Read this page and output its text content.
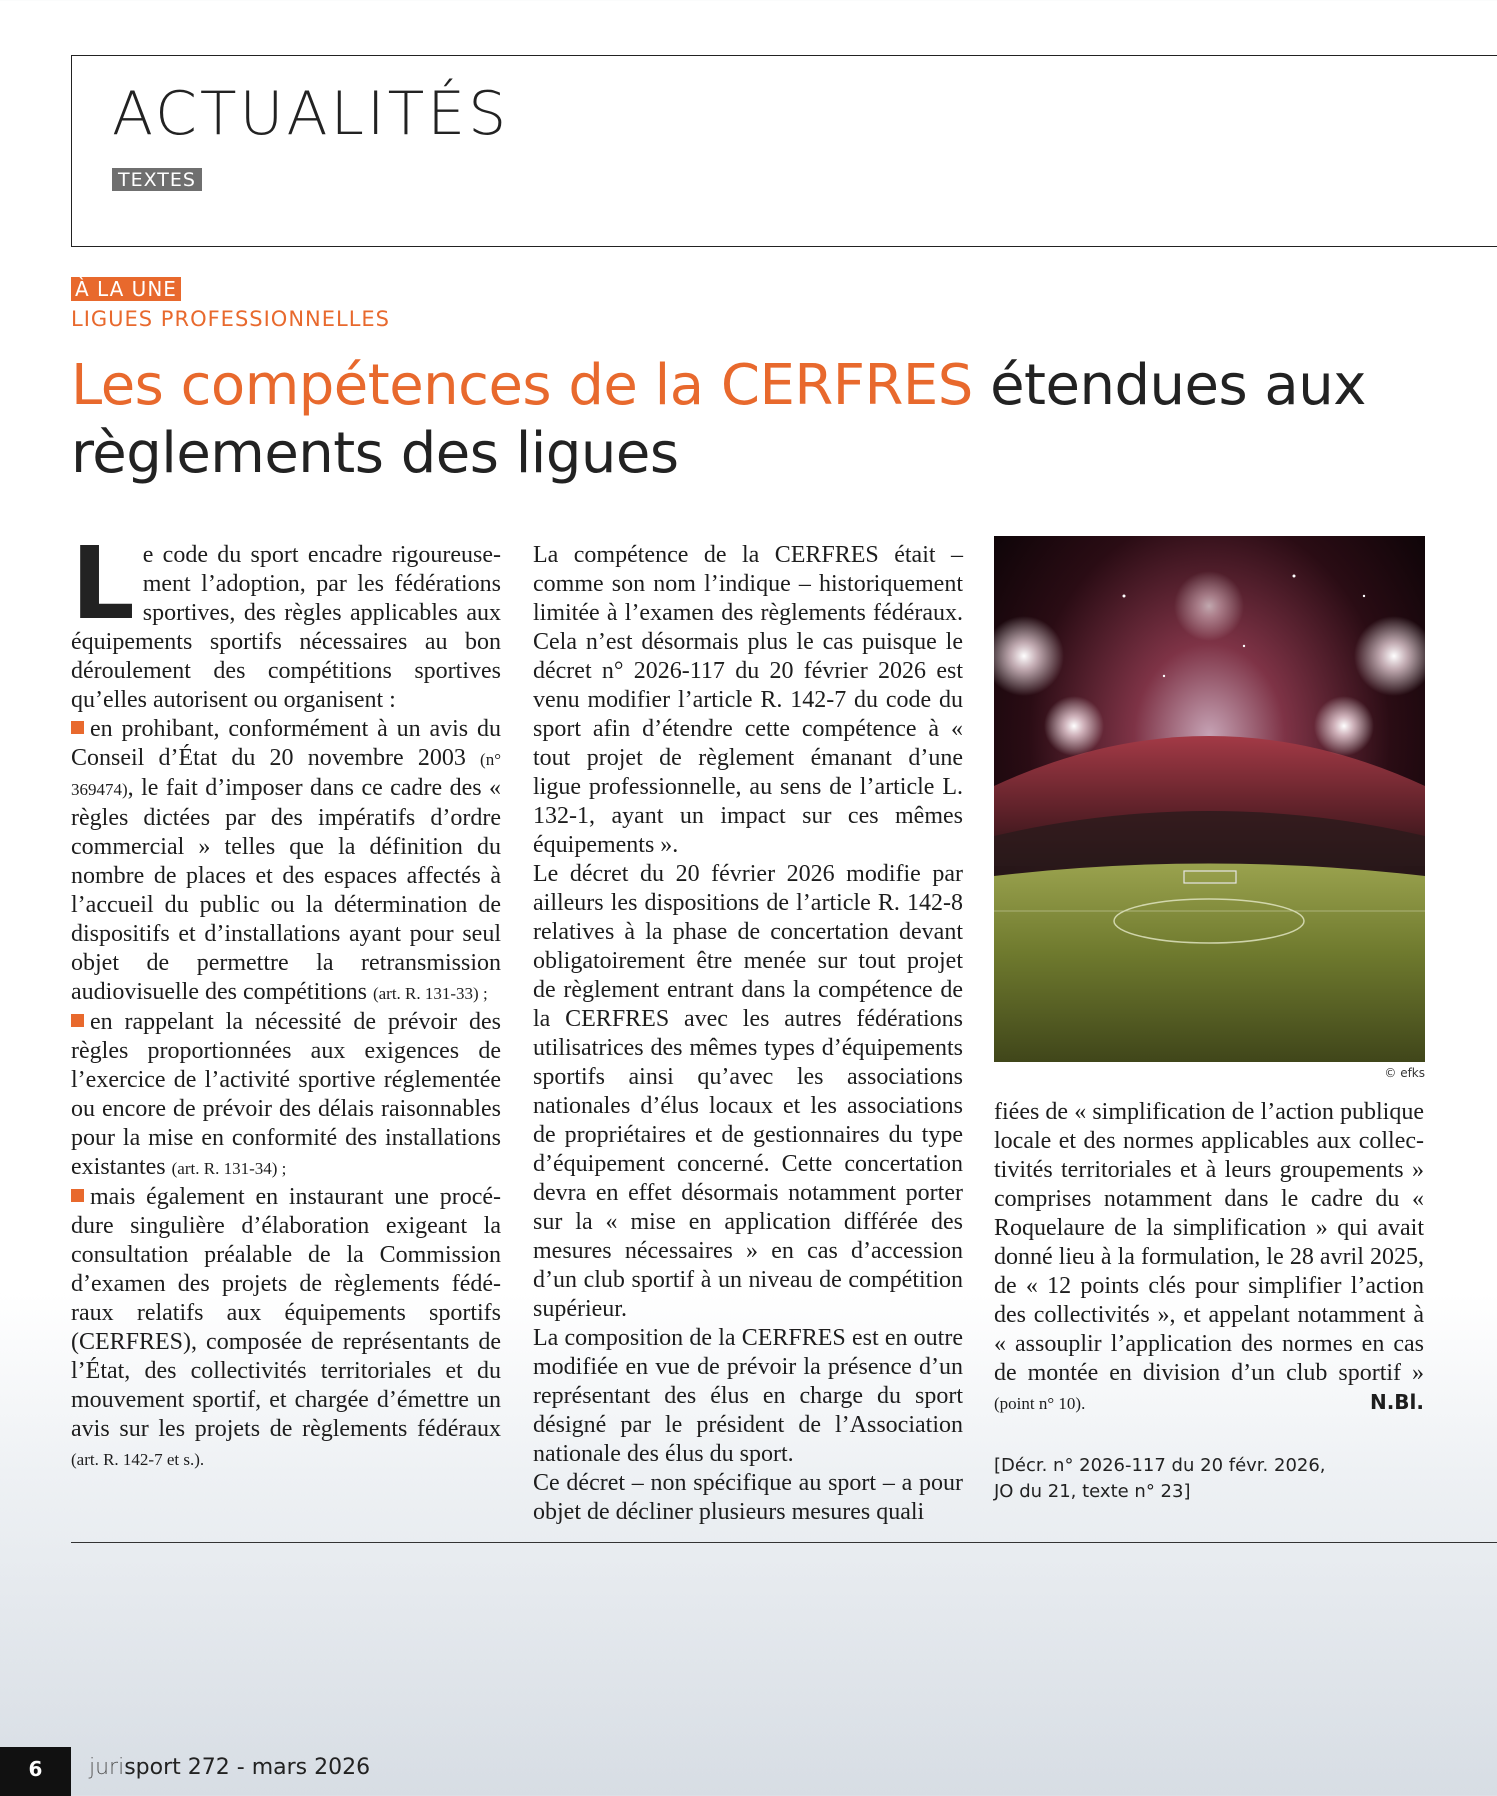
ACTUALITÉS
TEXTES
À LA UNE
LIGUES PROFESSIONNELLES
Les compétences de la CERFRES étendues aux règlements des ligues

Le code du sport encadre rigoureusement l’adoption, par les fédérations sportives, des règles applicables aux équipements sportifs nécessaires au bon déroulement des compétitions sportives qu’elles autorisent ou organisent :

en prohibant, conformément à un avis du Conseil d’État du 20 novembre 2003 (n° 369474), le fait d’imposer dans ce cadre des « règles dictées par des impératifs d’ordre commercial » telles que la définition du nombre de places et des espaces affectés à l’accueil du public ou la détermination de dispositifs et d’installations ayant pour seul objet de permettre la retransmission audiovisuelle des compétitions (art. R. 131-33) ;

en rappelant la nécessité de prévoir des règles proportionnées aux exigences de l’exercice de l’activité sportive réglementée ou encore de prévoir des délais raisonnables pour la mise en conformité des installations existantes (art. R. 131-34) ;

mais également en instaurant une procédure singulière d’élaboration exigeant la consultation préalable de la Commission d’examen des projets de règlements fédéraux relatifs aux équipements sportifs (CERFRES), composée de représentants de l’État, des collectivités territoriales et du mouvement sportif, et chargée d’émettre un avis sur les projets de règlements fédéraux (art. R. 142-7 et s.).

La compétence de la CERFRES était – comme son nom l’indique – historiquement limitée à l’examen des règlements fédéraux. Cela n’est désormais plus le cas puisque le décret n° 2026-117 du 20 février 2026 est venu modifier l’article R. 142-7 du code du sport afin d’étendre cette compétence à « tout projet de règlement émanant d’une ligue professionnelle, au sens de l’article L. 132-1, ayant un impact sur ces mêmes équipements ».

Le décret du 20 février 2026 modifie par ailleurs les dispositions de l’article R. 142-8 relatives à la phase de concertation devant obligatoirement être menée sur tout projet de règlement entrant dans la compétence de la CERFRES avec les autres fédérations utilisatrices des mêmes types d’équipements sportifs ainsi qu’avec les associations nationales d’élus locaux et les associations de propriétaires et de gestionnaires du type d’équipement concerné. Cette concertation devra en effet désormais notamment porter sur la « mise en application différée des mesures nécessaires » en cas d’accession d’un club sportif à un niveau de compétition supérieur.

La composition de la CERFRES est en outre modifiée en vue de prévoir la présence d’un représentant des élus en charge du sport désigné par le président de l’Association nationale des élus du sport.

Ce décret – non spécifique au sport – a pour objet de décliner plusieurs mesures quali

© efks

fiées de « simplification de l’action publique locale et des normes applicables aux collectivités territoriales et à leurs groupements » comprises notamment dans le cadre du « Roquelaure de la simplification » qui avait donné lieu à la formulation, le 28 avril 2025, de « 12 points clés pour simplifier l’action des collectivités », et appelant notamment à « assouplir l’application des normes en cas de montée en division d’un club sportif » (point n° 10).	N.Bl.

[Décr. n° 2026-117 du 20 févr. 2026,
JO du 21, texte n° 23]
6	jurisport 272 - mars 2026
